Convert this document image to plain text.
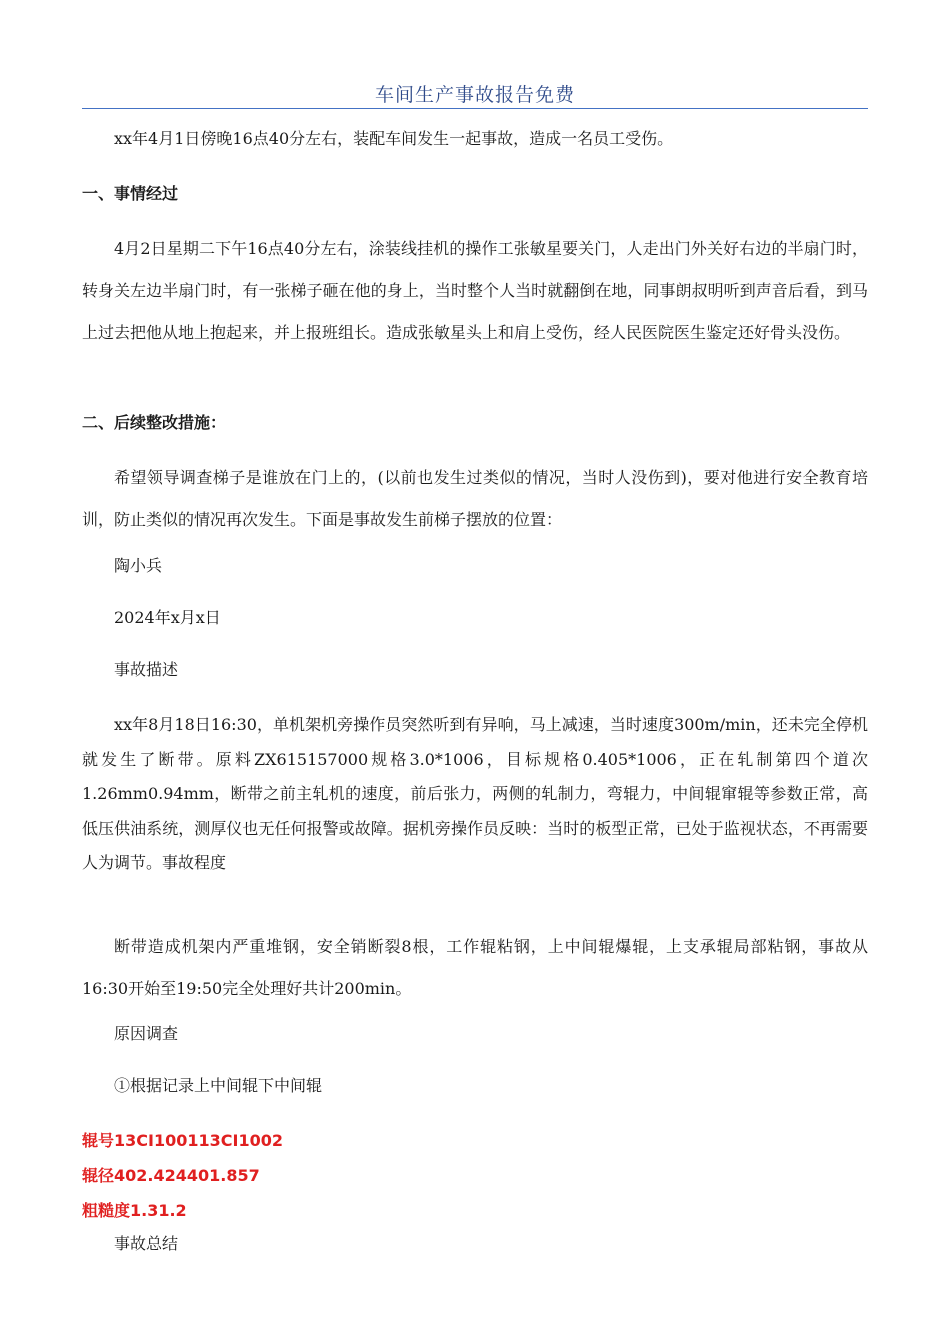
车间生产事故报告免费

xx年4月1日傍晚16点40分左右，装配车间发生一起事故，造成一名员工受伤。

一、事情经过

4月2日星期二下午16点40分左右，涂装线挂机的操作工张敏星要关门，人走出门外关好右边的半扇门时，转身关左边半扇门时，有一张梯子砸在他的身上，当时整个人当时就翻倒在地，同事朗叔明听到声音后看，到马上过去把他从地上抱起来，并上报班组长。造成张敏星头上和肩上受伤，经人民医院医生鉴定还好骨头没伤。

二、后续整改措施：

希望领导调查梯子是谁放在门上的，(以前也发生过类似的情况，当时人没伤到)，要对他进行安全教育培训，防止类似的情况再次发生。下面是事故发生前梯子摆放的位置：

陶小兵

2024年x月x日

事故描述

xx年8月18日16:30，单机架机旁操作员突然听到有异响，马上减速，当时速度300m/min，还未完全停机就发生了断带。原料ZX615157000规格3.0*1006，目标规格0.405*1006，正在轧制第四个道次1.26mm0.94mm，断带之前主轧机的速度，前后张力，两侧的轧制力，弯辊力，中间辊窜辊等参数正常，高低压供油系统，测厚仪也无任何报警或故障。据机旁操作员反映：当时的板型正常，已处于监视状态，不再需要人为调节。事故程度

断带造成机架内严重堆钢，安全销断裂8根，工作辊粘钢，上中间辊爆辊，上支承辊局部粘钢，事故从16:30开始至19:50完全处理好共计200min。

原因调查

①根据记录上中间辊下中间辊

辊号13CI100113CI1002

辊径402.424401.857

粗糙度1.31.2

事故总结
